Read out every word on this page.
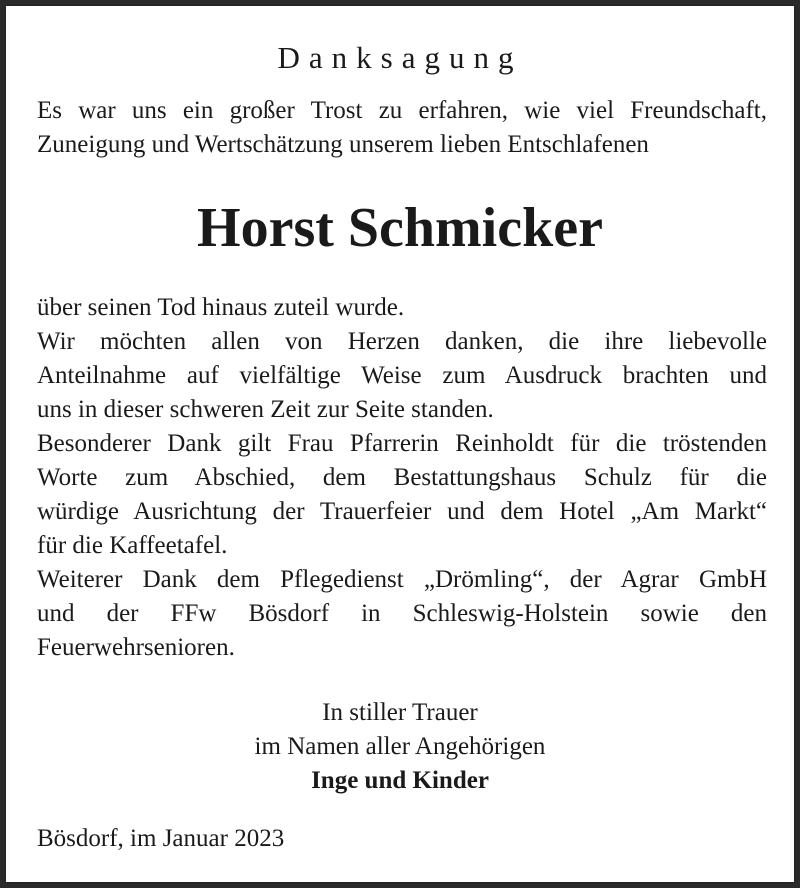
Danksagung
Es war uns ein großer Trost zu erfahren, wie viel Freundschaft,
Zuneigung und Wertschätzung unserem lieben Entschlafenen
Horst Schmicker
über seinen Tod hinaus zuteil wurde.
Wir möchten allen von Herzen danken, die ihre liebevolle
Anteilnahme auf vielfältige Weise zum Ausdruck brachten und
uns in dieser schweren Zeit zur Seite standen.
Besonderer Dank gilt Frau Pfarrerin Reinholdt für die tröstenden
Worte zum Abschied, dem Bestattungshaus Schulz für die
würdige Ausrichtung der Trauerfeier und dem Hotel „Am Markt“
für die Kaffeetafel.
Weiterer Dank dem Pflegedienst „Drömling“, der Agrar GmbH
und der FFw Bösdorf in Schleswig-Holstein sowie den
Feuerwehrsenioren.
In stiller Trauer
im Namen aller Angehörigen
Inge und Kinder
Bösdorf, im Januar 2023
